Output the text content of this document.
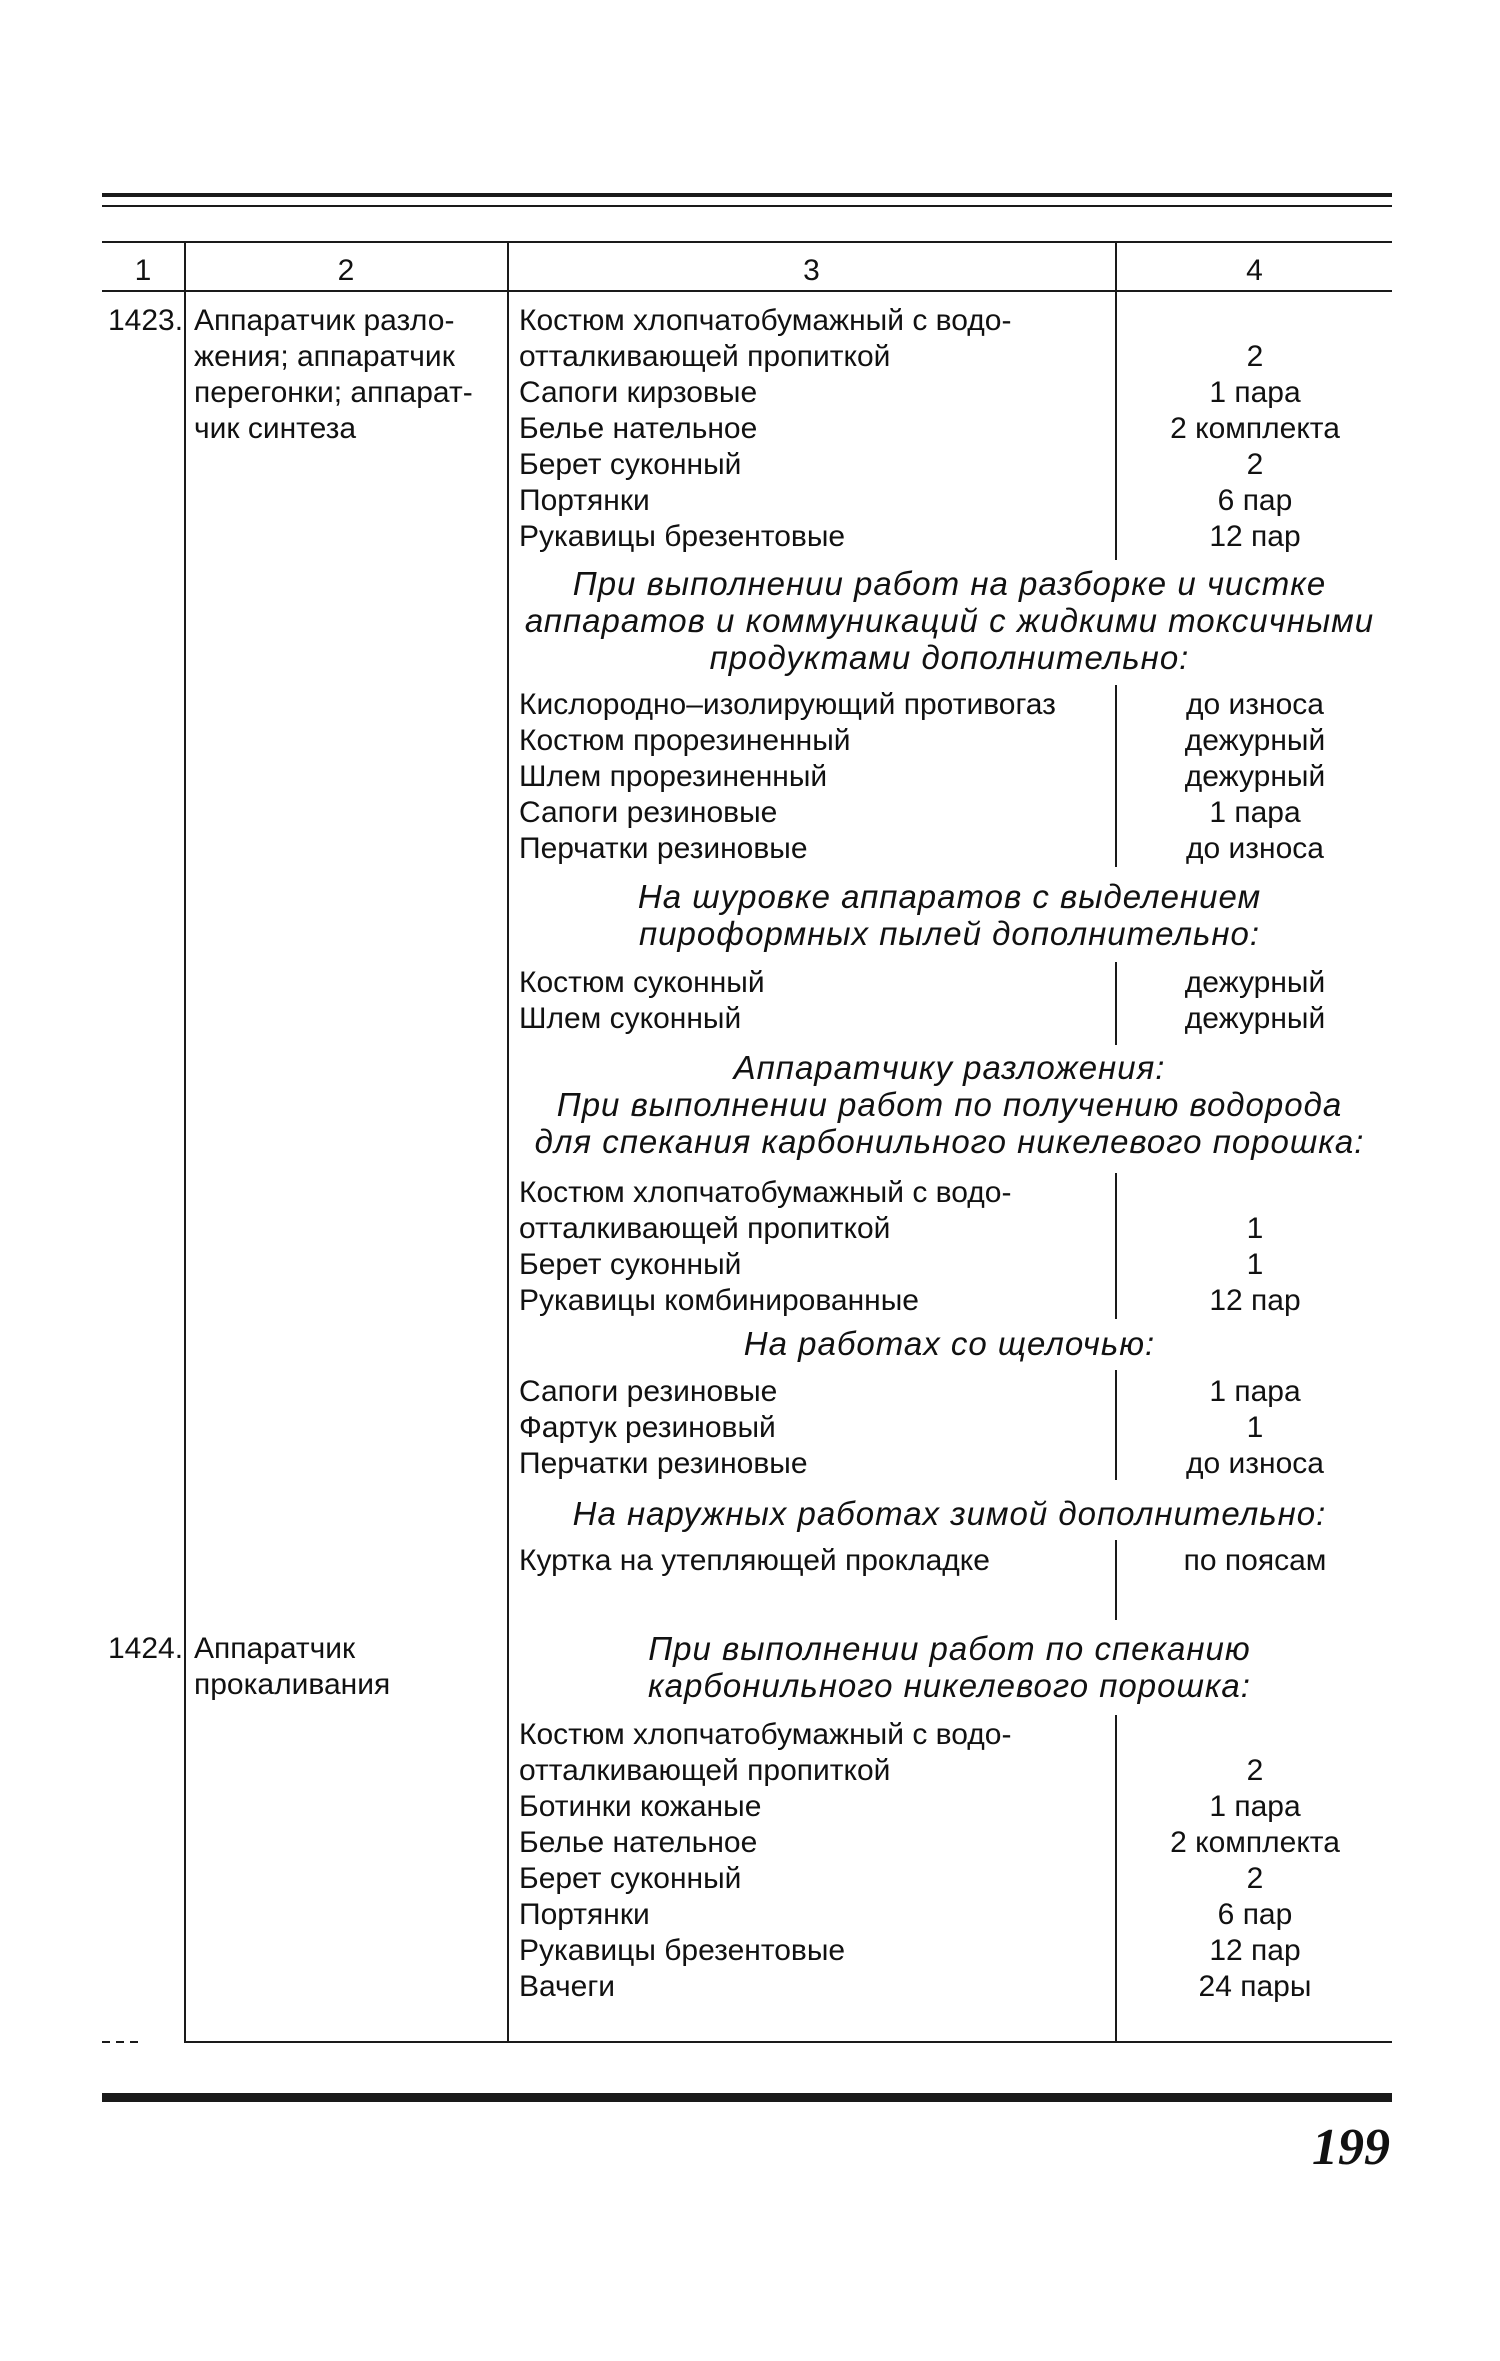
1	2	3	4
1423. Аппаратчик разло-
жения; аппаратчик
перегонки; аппарат-
чик синтеза
Костюм хлопчатобумажный с водо-
отталкивающей пропиткой	2
Сапоги кирзовые	1 пара
Белье нательное	2 комплекта
Берет суконный	2
Портянки	6 пар
Рукавицы брезентовые	12 пар
При выполнении работ на разборке и чистке
аппаратов и коммуникаций с жидкими токсичными
продуктами дополнительно:
Кислородно–изолирующий противогаз	до износа
Костюм прорезиненный	дежурный
Шлем прорезиненный	дежурный
Сапоги резиновые	1 пара
Перчатки резиновые	до износа
На шуровке аппаратов с выделением
пироформных пылей дополнительно:
Костюм суконный	дежурный
Шлем суконный	дежурный
Аппаратчику разложения:
При выполнении работ по получению водорода
для спекания карбонильного никелевого порошка:
Костюм хлопчатобумажный с водо-
отталкивающей пропиткой	1
Берет суконный	1
Рукавицы комбинированные	12 пар
На работах со щелочью:
Сапоги резиновые	1 пара
Фартук резиновый	1
Перчатки резиновые	до износа
На наружных работах зимой дополнительно:
Куртка на утепляющей прокладке	по поясам
1424. Аппаратчик
прокаливания
При выполнении работ по спеканию
карбонильного никелевого порошка:
Костюм хлопчатобумажный с водо-
отталкивающей пропиткой	2
Ботинки кожаные	1 пара
Белье нательное	2 комплекта
Берет суконный	2
Портянки	6 пар
Рукавицы брезентовые	12 пар
Вачеги	24 пары
199
